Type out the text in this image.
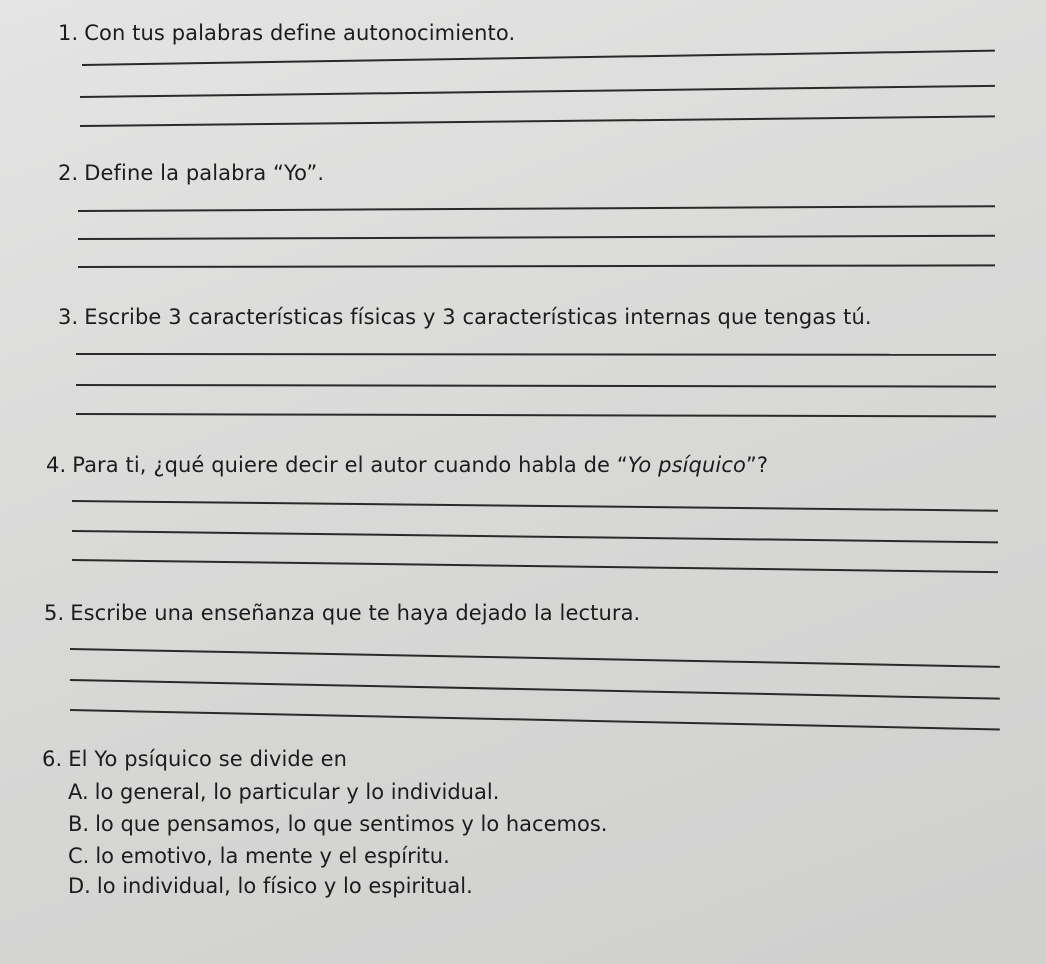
1. Con tus palabras define autonocimiento.
2. Define la palabra “Yo”.
3. Escribe 3 características físicas y 3 características internas que tengas tú.
4. Para ti, ¿qué quiere decir el autor cuando habla de “Yo psíquico”?
5. Escribe una enseñanza que te haya dejado la lectura.
6. El Yo psíquico se divide en
A. lo general, lo particular y lo individual.
B. lo que pensamos, lo que sentimos y lo hacemos.
C. lo emotivo, la mente y el espíritu.
D. lo individual, lo físico y lo espiritual.
